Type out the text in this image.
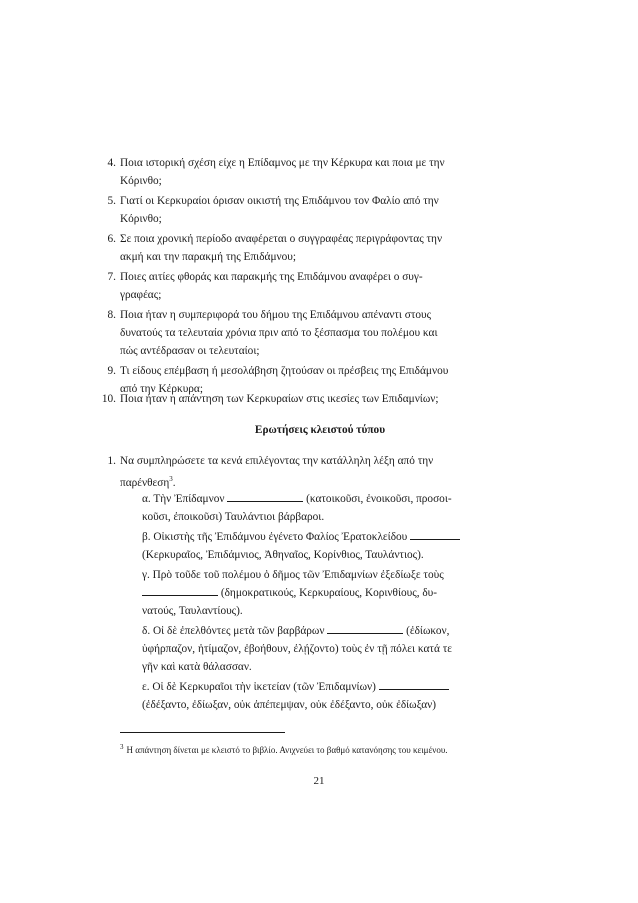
4. Ποια ιστορική σχέση είχε η Επίδαμνος με την Κέρκυρα και ποια με την

Κόρινθο;

5. Γιατί οι Κερκυραίοι όρισαν οικιστή της Επιδάμνου τον Φαλίο από την

Κόρινθο;

6. Σε ποια χρονική περίοδο αναφέρεται ο συγγραφέας περιγράφοντας την

ακμή και την παρακμή της Επιδάμνου;

7. Ποιες αιτίες φθοράς και παρακμής της Επιδάμνου αναφέρει ο συγ-

γραφέας;

8. Ποια ήταν η συμπεριφορά του δήμου της Επιδάμνου απέναντι στους

δυνατούς τα τελευταία χρόνια πριν από το ξέσπασμα του πολέμου και

πώς αντέδρασαν οι τελευταίοι;

9. Τι είδους επέμβαση ή μεσολάβηση ζητούσαν οι πρέσβεις της Επιδάμνου

από την Κέρκυρα;

10. Ποια ήταν η απάντηση των Κερκυραίων στις ικεσίες των Επιδαμνίων;

Ερωτήσεις κλειστού τύπου
1. Να συμπληρώσετε τα κενά επιλέγοντας την κατάλληλη λέξη από την

παρένθεση$^3$.

α. Τὴν Ἐπίδαμνον	(κατοικοῦσι, ἐνοικοῦσι, προσοι-

κοῦσι, ἐποικοῦσι) Ταυλάντιοι βάρβαροι.

β. Οἰκιστὴς τῆς Ἐπιδάμνου ἐγένετο Φαλίος Ἐρατοκλείδου

(Κερκυραῖος, Ἐπιδάμνιος, Ἀθηναῖος, Κορίνθιος, Ταυλάντιος).

γ. Πρὸ τοῦδε τοῦ πολέμου ὁ δῆμος τῶν Ἐπιδαμνίων ἐξεδίωξε τοὺς

(δημοκρατικούς, Κερκυραίους, Κορινθίους, δυ-

νατούς, Ταυλαντίους).

δ. Οἱ δὲ ἐπελθόντες μετὰ τῶν βαρβάρων	(ἐδίωκον,

ὑφήρπαζον, ἠτίμαζον, ἐβοήθουν, ἐλῄζοντο) τοὺς ἐν τῇ πόλει κατά τε

γῆν καὶ κατὰ θάλασσαν.

ε. Οἱ δὲ Κερκυραῖοι τὴν ἱκετείαν (τῶν Ἐπιδαμνίων)

(ἐδέξαντο, ἐδίωξαν, οὐκ ἀπέπεμψαν, οὐκ ἐδέξαντο, οὐκ ἐδίωξαν)

$^3$ Η απάντηση δίνεται με κλειστό το βιβλίο. Ανιχνεύει το βαθμό κατανόησης του κειμένου.
21
